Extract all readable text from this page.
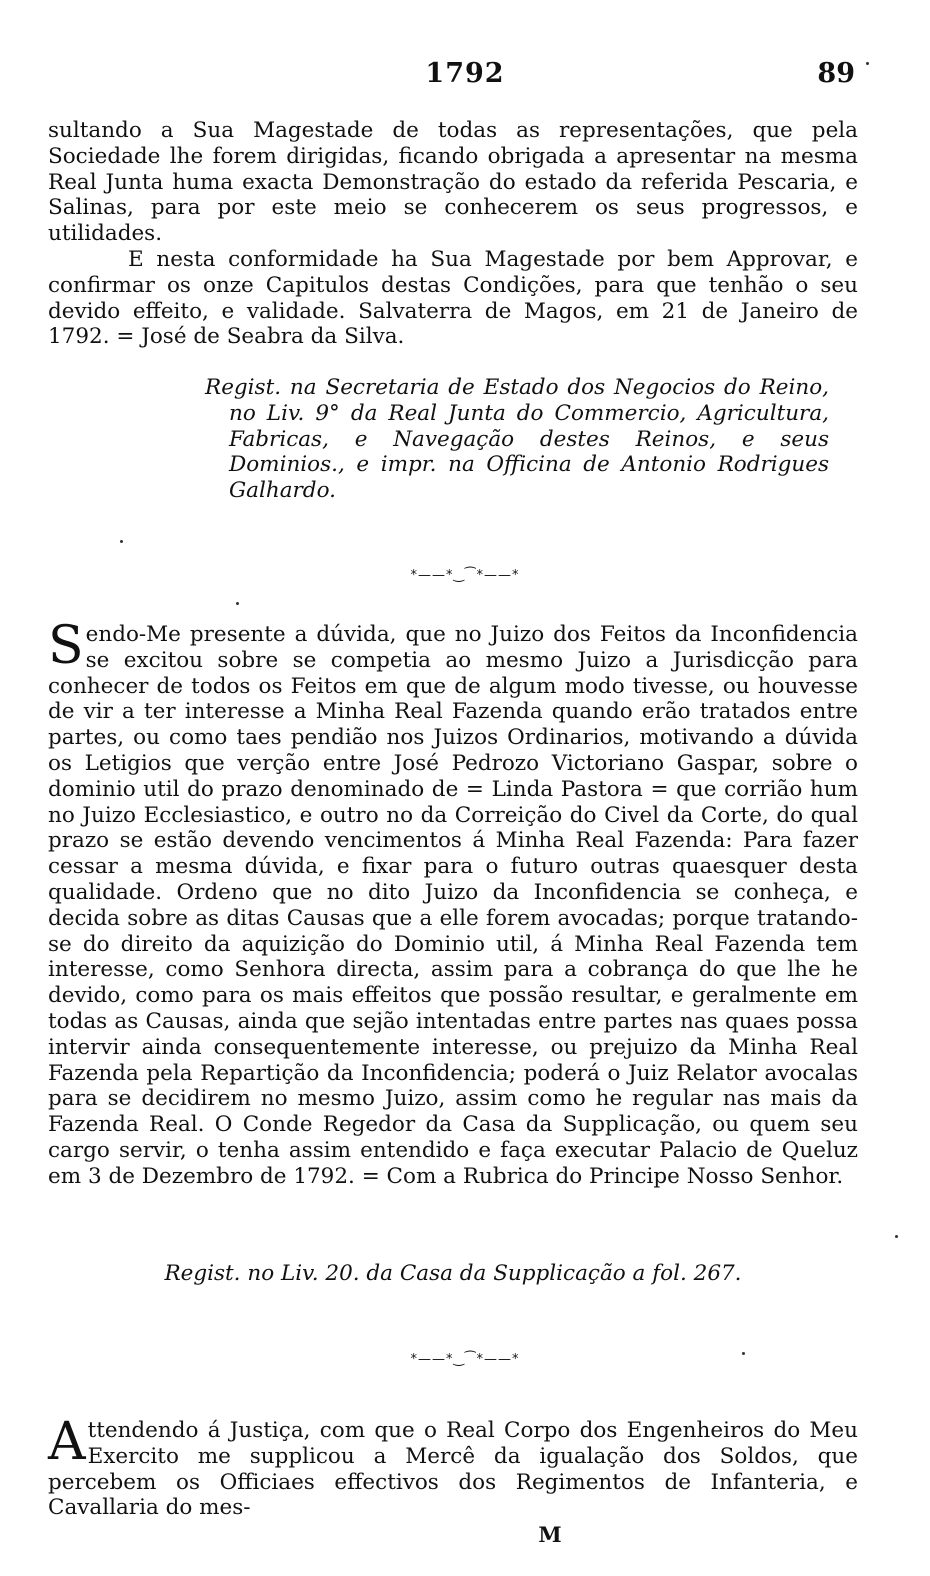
1792	89

sultando a Sua Magestade de todas as representações, que pela Sociedade lhe forem dirigidas, ficando obrigada a apresentar na mesma Real Junta huma exacta Demonstração do estado da referida Pescaria, e Salinas, para por este meio se conhecerem os seus progressos, e utilidades.

E nesta conformidade ha Sua Magestade por bem Approvar, e confirmar os onze Capitulos destas Condições, para que tenhão o seu devido effeito, e validade. Salvaterra de Magos, em 21 de Janeiro de 1792. = José de Seabra da Silva.

Regist. na Secretaria de Estado dos Negocios do Reino, no Liv. 9° da Real Junta do Commercio, Agricultura, Fabricas, e Navegação destes Reinos, e seus Dominios., e impr. na Officina de Antonio Rodrigues Galhardo.
*——*‿⁀*——*
S endo-Me presente a dúvida, que no Juizo dos Feitos da Inconfidencia se excitou sobre se competia ao mesmo Juizo a Jurisdicção para conhecer de todos os Feitos em que de algum modo tivesse, ou houvesse de vir a ter interesse a Minha Real Fazenda quando erão tratados entre partes, ou como taes pendião nos Juizos Ordinarios, motivando a dúvida os Letigios que verção entre José Pedrozo Victoriano Gaspar, sobre o dominio util do prazo denominado de = Linda Pastora = que corrião hum no Juizo Ecclesiastico, e outro no da Correição do Civel da Corte, do qual prazo se estão devendo vencimentos á Minha Real Fazenda: Para fazer cessar a mesma dúvida, e fixar para o futuro outras quaesquer desta qualidade. Ordeno que no dito Juizo da Inconfidencia se conheça, e decida sobre as ditas Causas que a elle forem avocadas; porque tratando-se do direito da aquizição do Dominio util, á Minha Real Fazenda tem interesse, como Senhora directa, assim para a cobrança do que lhe he devido, como para os mais effeitos que possão resultar, e geralmente em todas as Causas, ainda que sejão intentadas entre partes nas quaes possa intervir ainda consequentemente interesse, ou prejuizo da Minha Real Fazenda pela Repartição da Inconfidencia; poderá o Juiz Relator avocalas para se decidirem no mesmo Juizo, assim como he regular nas mais da Fazenda Real. O Conde Regedor da Casa da Supplicação, ou quem seu cargo servir, o tenha assim entendido e faça executar Palacio de Queluz em 3 de Dezembro de 1792. = Com a Rubrica do Principe Nosso Senhor.
Regist. no Liv. 20. da Casa da Supplicação a fol. 267.
*——*‿⁀*——*
A ttendendo á Justiça, com que o Real Corpo dos Engenheiros do Meu Exercito me supplicou a Mercê da igualação dos Soldos, que percebem os Officiaes effectivos dos Regimentos de Infanteria, e Cavallaria do mes-
M
